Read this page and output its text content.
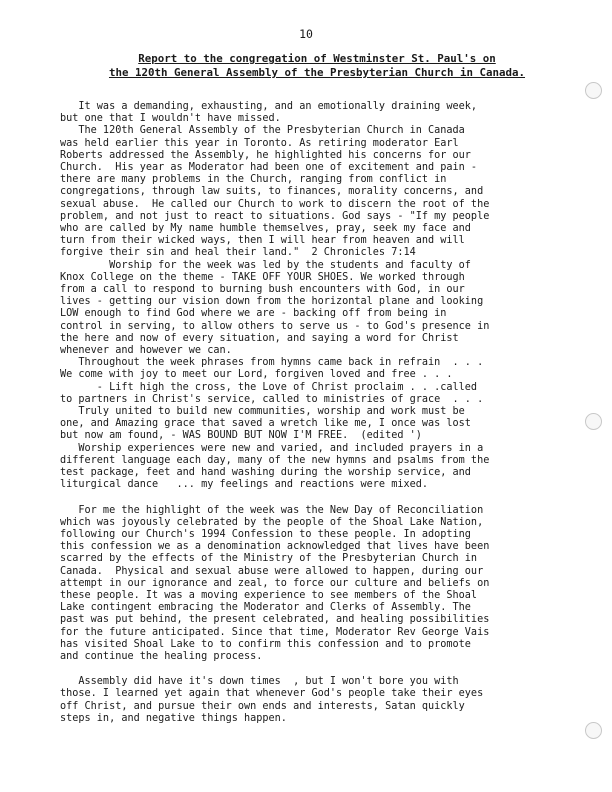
10
Report to the congregation of Westminster St. Paul's on
the 120th General Assembly of the Presbyterian Church in Canada.

It was a demanding, exhausting, and an emotionally draining week,
but one that I wouldn't have missed.
The 120th General Assembly of the Presbyterian Church in Canada
was held earlier this year in Toronto. As retiring moderator Earl
Roberts addressed the Assembly, he highlighted his concerns for our
Church.  His year as Moderator had been one of excitement and pain -
there are many problems in the Church, ranging from conflict in
congregations, through law suits, to finances, morality concerns, and
sexual abuse.  He called our Church to work to discern the root of the
problem, and not just to react to situations. God says - "If my people
who are called by My name humble themselves, pray, seek my face and
turn from their wicked ways, then I will hear from heaven and will
forgive their sin and heal their land."  2 Chronicles 7:14
Worship for the week was led by the students and faculty of
Knox College on the theme - TAKE OFF YOUR SHOES. We worked through
from a call to respond to burning bush encounters with God, in our
lives - getting our vision down from the horizontal plane and looking
LOW enough to find God where we are - backing off from being in
control in serving, to allow others to serve us - to God's presence in
the here and now of every situation, and saying a word for Christ
whenever and however we can.
Throughout the week phrases from hymns came back in refrain  . . .
We come with joy to meet our Lord, forgiven loved and free . . .
- Lift high the cross, the Love of Christ proclaim . . .called
to partners in Christ's service, called to ministries of grace  . . .
Truly united to build new communities, worship and work must be
one, and Amazing grace that saved a wretch like me, I once was lost
but now am found, - WAS BOUND BUT NOW I'M FREE.  (edited ')
Worship experiences were new and varied, and included prayers in a
different language each day, many of the new hymns and psalms from the
test package, feet and hand washing during the worship service, and
liturgical dance   ... my feelings and reactions were mixed.

For me the highlight of the week was the New Day of Reconciliation
which was joyously celebrated by the people of the Shoal Lake Nation,
following our Church's 1994 Confession to these people. In adopting
this confession we as a denomination acknowledged that lives have been
scarred by the effects of the Ministry of the Presbyterian Church in
Canada.  Physical and sexual abuse were allowed to happen, during our
attempt in our ignorance and zeal, to force our culture and beliefs on
these people. It was a moving experience to see members of the Shoal
Lake contingent embracing the Moderator and Clerks of Assembly. The
past was put behind, the present celebrated, and healing possibilities
for the future anticipated. Since that time, Moderator Rev George Vais
has visited Shoal Lake to to confirm this confession and to promote
and continue the healing process.

Assembly did have it's down times  , but I won't bore you with
those. I learned yet again that whenever God's people take their eyes
off Christ, and pursue their own ends and interests, Satan quickly
steps in, and negative things happen.
